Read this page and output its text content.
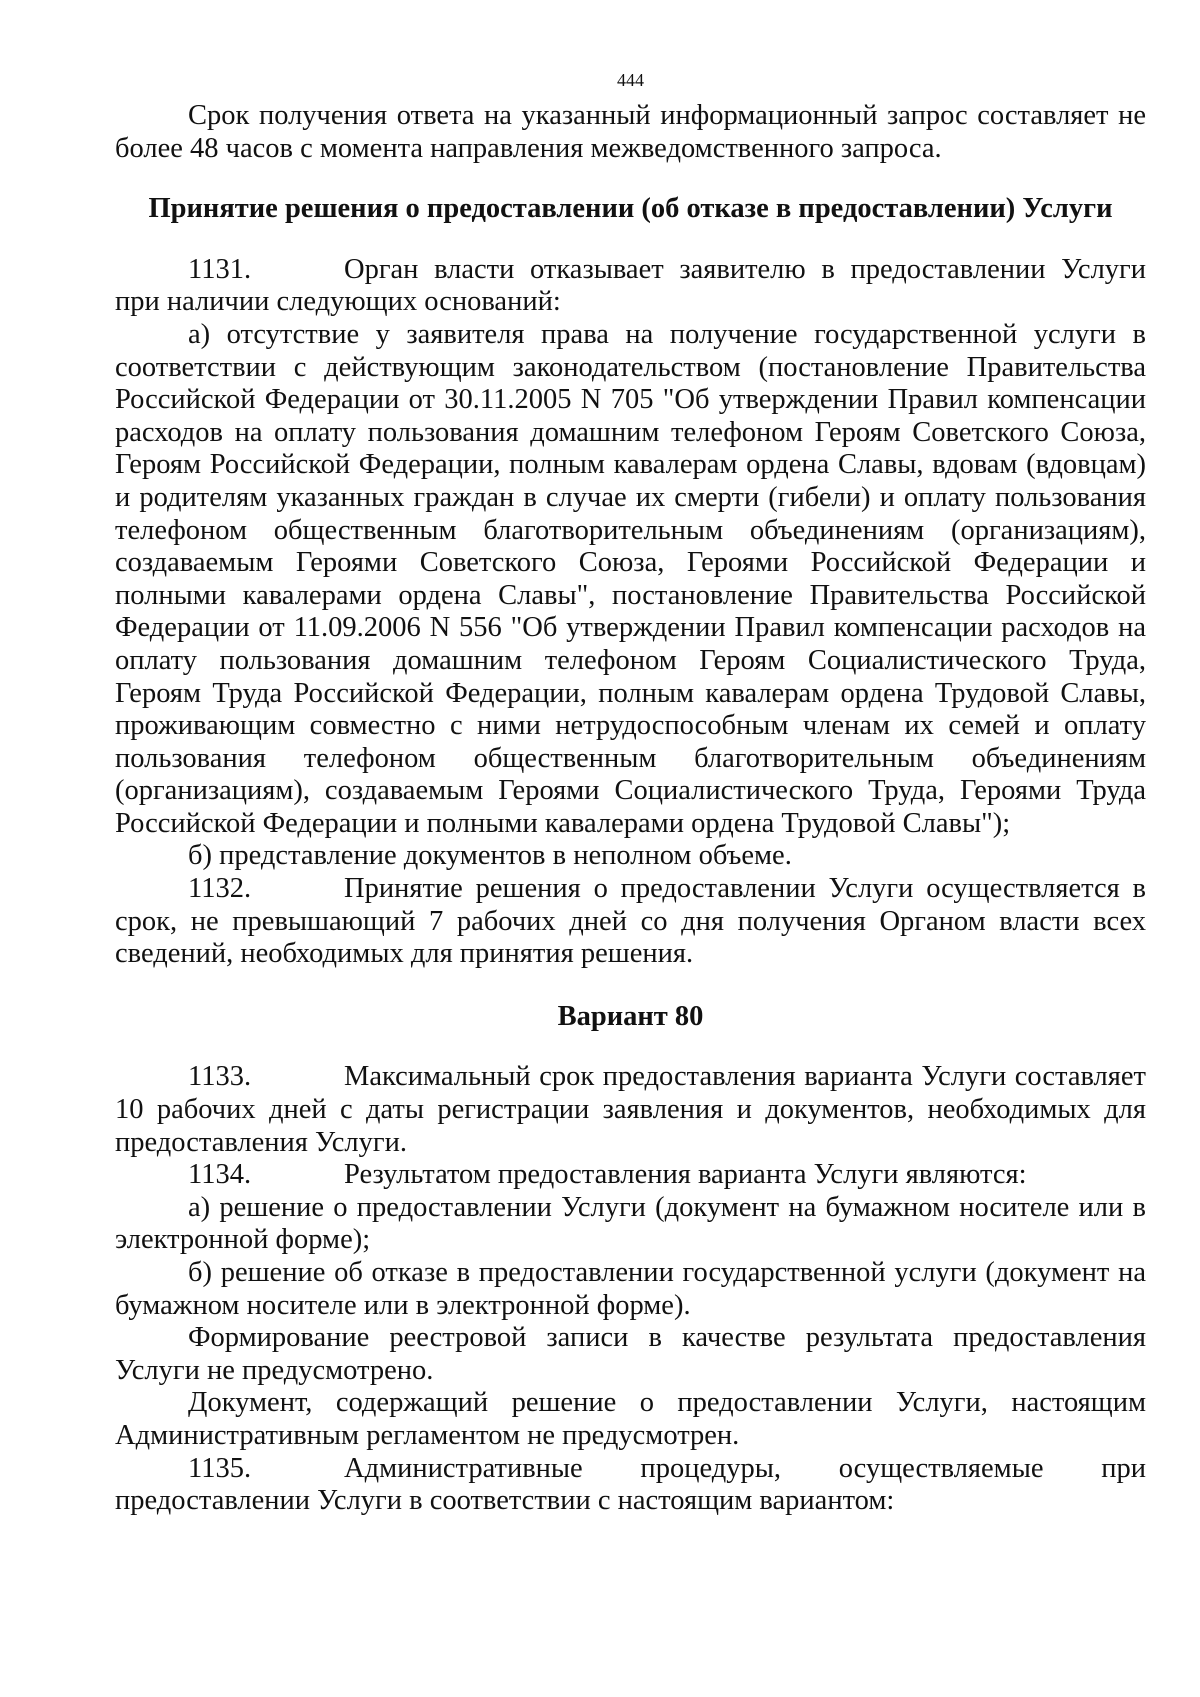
444

Срок получения ответа на указанный информационный запрос составляет не более 48 часов с момента направления межведомственного запроса.

Принятие решения о предоставлении (об отказе в предоставлении) Услуги

1131.	Орган власти отказывает заявителю в предоставлении Услуги при наличии следующих оснований:

а) отсутствие у заявителя права на получение государственной услуги в соответствии с действующим законодательством (постановление Правительства Российской Федерации от 30.11.2005 N 705 "Об утверждении Правил компенсации расходов на оплату пользования домашним телефоном Героям Советского Союза, Героям Российской Федерации, полным кавалерам ордена Славы, вдовам (вдовцам) и родителям указанных граждан в случае их смерти (гибели) и оплату пользования телефоном общественным благотворительным объединениям (организациям), создаваемым Героями Советского Союза, Героями Российской Федерации и полными кавалерами ордена Славы", постановление Правительства Российской Федерации от 11.09.2006 N 556 "Об утверждении Правил компенсации расходов на оплату пользования домашним телефоном Героям Социалистического Труда, Героям Труда Российской Федерации, полным кавалерам ордена Трудовой Славы, проживающим совместно с ними нетрудоспособным членам их семей и оплату пользования телефоном общественным благотворительным объединениям (организациям), создаваемым Героями Социалистического Труда, Героями Труда Российской Федерации и полными кавалерами ордена Трудовой Славы");

б) представление документов в неполном объеме.

1132.	Принятие решения о предоставлении Услуги осуществляется в срок, не превышающий 7 рабочих дней со дня получения Органом власти всех сведений, необходимых для принятия решения.

Вариант 80

1133.	Максимальный срок предоставления варианта Услуги составляет 10 рабочих дней с даты регистрации заявления и документов, необходимых для предоставления Услуги.

1134.	Результатом предоставления варианта Услуги являются:

а) решение о предоставлении Услуги (документ на бумажном носителе или в электронной форме);

б) решение об отказе в предоставлении государственной услуги (документ на бумажном носителе или в электронной форме).

Формирование реестровой записи в качестве результата предоставления Услуги не предусмотрено.

Документ, содержащий решение о предоставлении Услуги, настоящим Административным регламентом не предусмотрен.

1135.	Административные процедуры, осуществляемые при предоставлении Услуги в соответствии с настоящим вариантом:
